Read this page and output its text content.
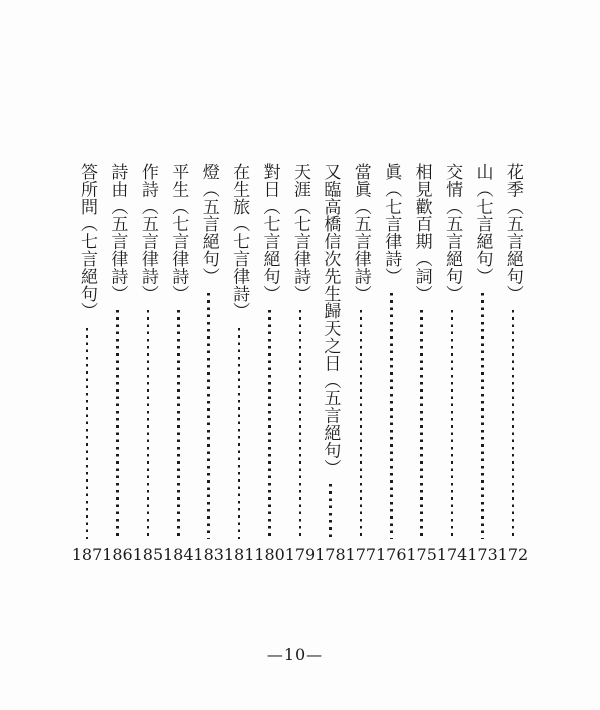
花季（五言絕句）
172
山（七言絕句）
173
交情（五言絕句）
174
相見歡百期（詞）
175
眞（七言律詩）
176
當眞（五言律詩）
177
又臨高橋信次先生歸天之日（五言絕句）
178
天涯（七言律詩）
179
對日（七言絕句）
180
在生旅（七言律詩）
181
燈（五言絕句）
183
平生（七言律詩）
184
作詩（五言律詩）
185
詩由（五言律詩）
186
答所問（七言絕句）
187
—10—
